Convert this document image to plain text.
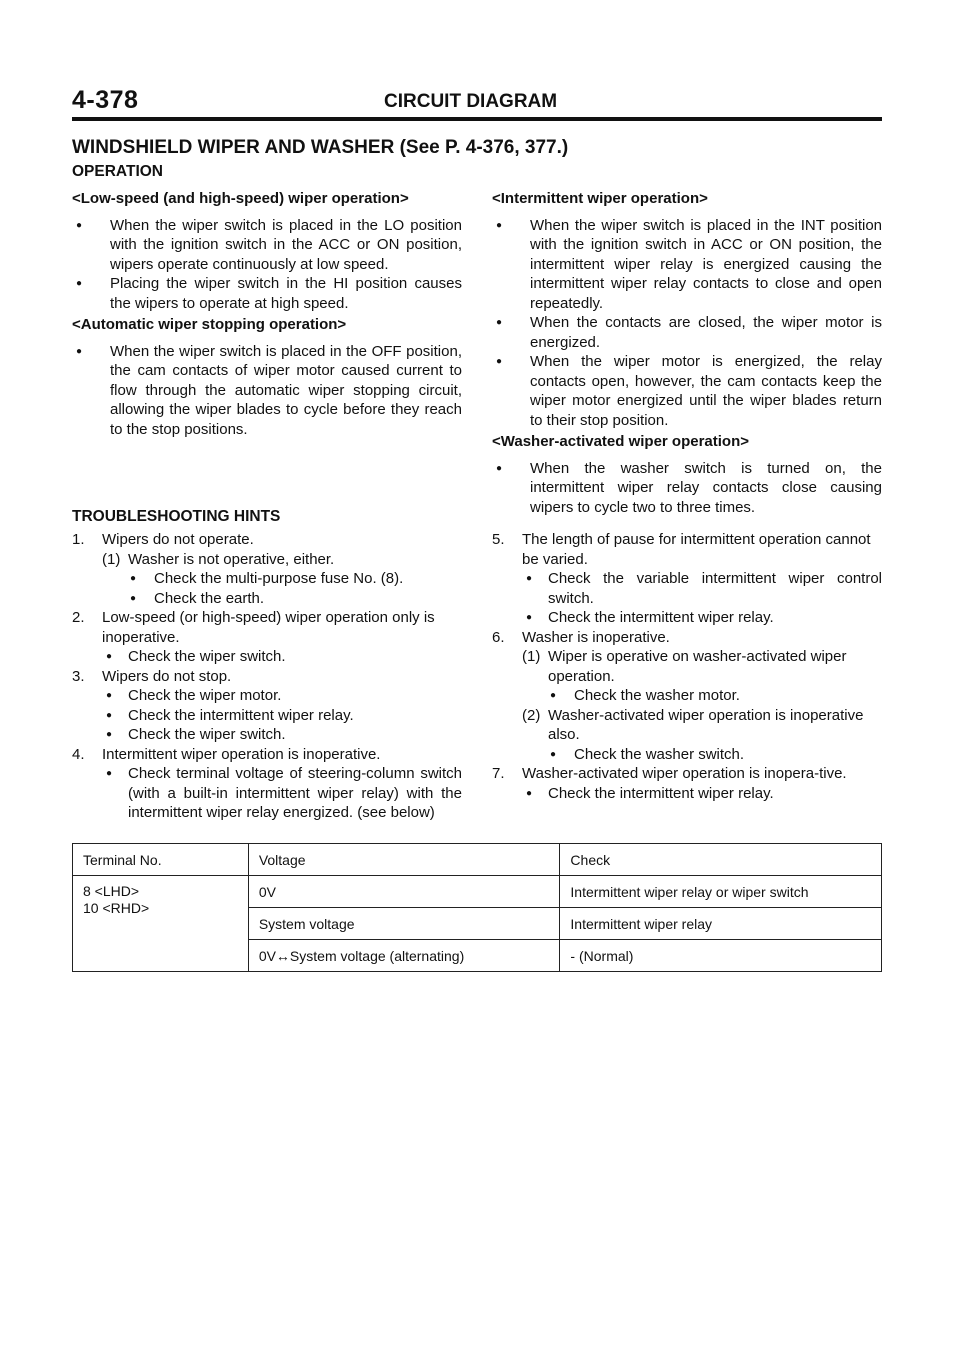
4-378	CIRCUIT DIAGRAM
WINDSHIELD WIPER AND WASHER (See P. 4-376, 377.)
OPERATION

<Low-speed (and high-speed) wiper operation>

● When the wiper switch is placed in the LO position with the ignition switch in the ACC or ON position, wipers operate continuously at low speed.

● Placing the wiper switch in the HI position causes the wipers to operate at high speed.

<Automatic wiper stopping operation>

● When the wiper switch is placed in the OFF position, the cam contacts of wiper motor caused current to flow through the automatic wiper stopping circuit, allowing the wiper blades to cycle before they reach to the stop positions.

<Intermittent wiper operation>

● When the wiper switch is placed in the INT position with the ignition switch in ACC or ON position, the intermittent wiper relay is energized causing the intermittent wiper relay contacts to close and open repeatedly.

● When the contacts are closed, the wiper motor is energized.

● When the wiper motor is energized, the relay contacts open, however, the cam contacts keep the wiper motor energized until the wiper blades return to their stop position.

<Washer-activated wiper operation>

● When the washer switch is turned on, the intermittent wiper relay contacts close causing wipers to cycle two to three times.

TROUBLESHOOTING HINTS

1. Wipers do not operate.

(1) Washer is not operative, either.

● Check the multi-purpose fuse No. (8).

● Check the earth.

2. Low-speed (or high-speed) wiper operation only is inoperative.

● Check the wiper switch.

3. Wipers do not stop.

● Check the wiper motor.

● Check the intermittent wiper relay.

● Check the wiper switch.

4. Intermittent wiper operation is inoperative.

● Check terminal voltage of steering-column switch (with a built-in intermittent wiper relay) with the intermittent wiper relay energized. (see below)

5. The length of pause for intermittent operation cannot be varied.

● Check the variable intermittent wiper control switch.

● Check the intermittent wiper relay.

6. Washer is inoperative.

(1) Wiper is operative on washer-activated wiper operation.

● Check the washer motor.

(2) Washer-activated wiper operation is inoperative also.

● Check the washer switch.

7. Washer-activated wiper operation is inopera-tive.

● Check the intermittent wiper relay.

Terminal No.	Voltage	Check

8 <LHD>
10 <RHD>	0V	Intermittent wiper relay or wiper switch
	System voltage	Intermittent wiper relay
	0V↔System voltage (alternating)	- (Normal)
